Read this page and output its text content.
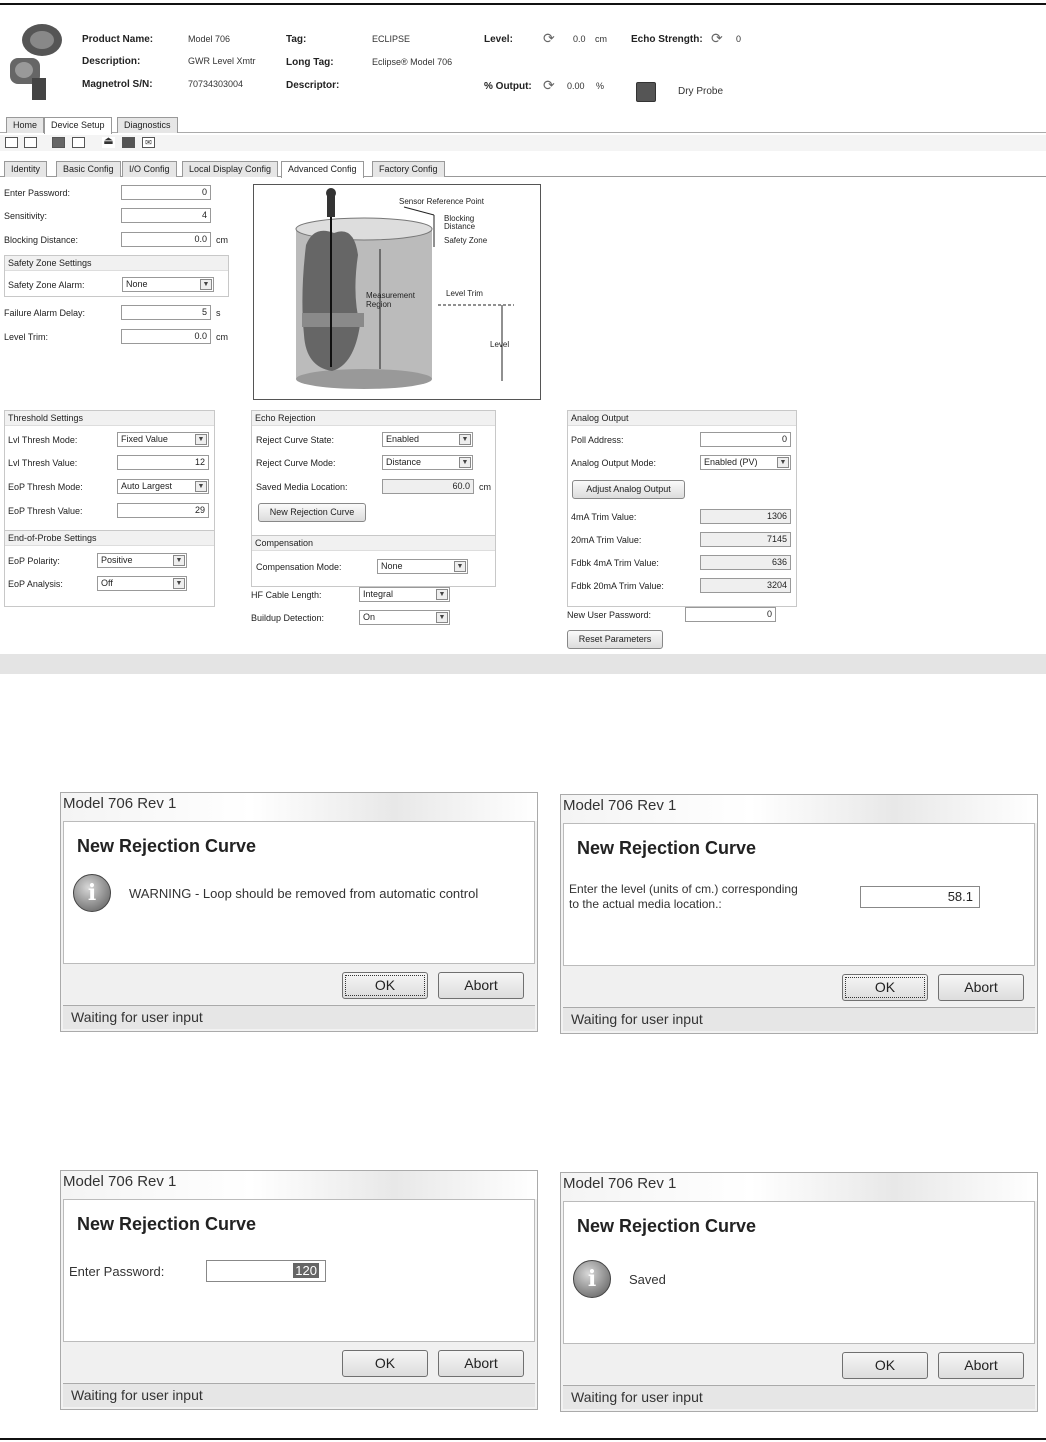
Product Name:	Model 706
Description:	GWR Level Xmtr
Magnetrol S/N:	70734303004
Tag:	ECLIPSE
Long Tag:	Eclipse® Model 706
Descriptor:
Level: ⟳ 0.0 cm Echo Strength: ⟳ 0
% Output: ⟳ 0.00 %	Dry Probe
Home	Device Setup	Diagnostics
⏏	✉
Identity	Basic Config	I/O Config	Local Display Config	Advanced Config	Factory Config
Enter Password:	0
Sensitivity:	4
Blocking Distance:	0.0	cm
Safety Zone Settings
Safety Zone Alarm:	None	▼
Failure Alarm Delay:	5	s
Level Trim:	0.0	cm
Sensor Reference Point
Blocking
Distance
Safety Zone
Measurement
Region
Level Trim
Level
Threshold Settings
Lvl Thresh Mode:	Fixed Value	▼
Lvl Thresh Value:	12
EoP Thresh Mode:	Auto Largest	▼
EoP Thresh Value:	29
End-of-Probe Settings
EoP Polarity:	Positive	▼
EoP Analysis:	Off	▼
Echo Rejection
Reject Curve State:	Enabled	▼
Reject Curve Mode:	Distance	▼
Saved Media Location:	60.0	cm
New Rejection Curve
Compensation
Compensation Mode:	None	▼
HF Cable Length:	Integral	▼
Buildup Detection:	On	▼
Analog Output
Poll Address:	0
Analog Output Mode:	Enabled (PV)	▼
Adjust Analog Output
4mA Trim Value:	1306
20mA Trim Value:	7145
Fdbk 4mA Trim Value:	636
Fdbk 20mA Trim Value:	3204
New User Password:	0
Reset Parameters
Model 706 Rev 1
New Rejection Curve
i	WARNING - Loop should be removed from automatic control
OK	Abort
Waiting for user input
Model 706 Rev 1
New Rejection Curve
Enter the level (units of cm.) corresponding
to the actual media location.:	58.1
OK	Abort
Waiting for user input
Model 706 Rev 1
New Rejection Curve
Enter Password:	120
OK	Abort
Waiting for user input
Model 706 Rev 1
New Rejection Curve
i	Saved
OK	Abort
Waiting for user input
